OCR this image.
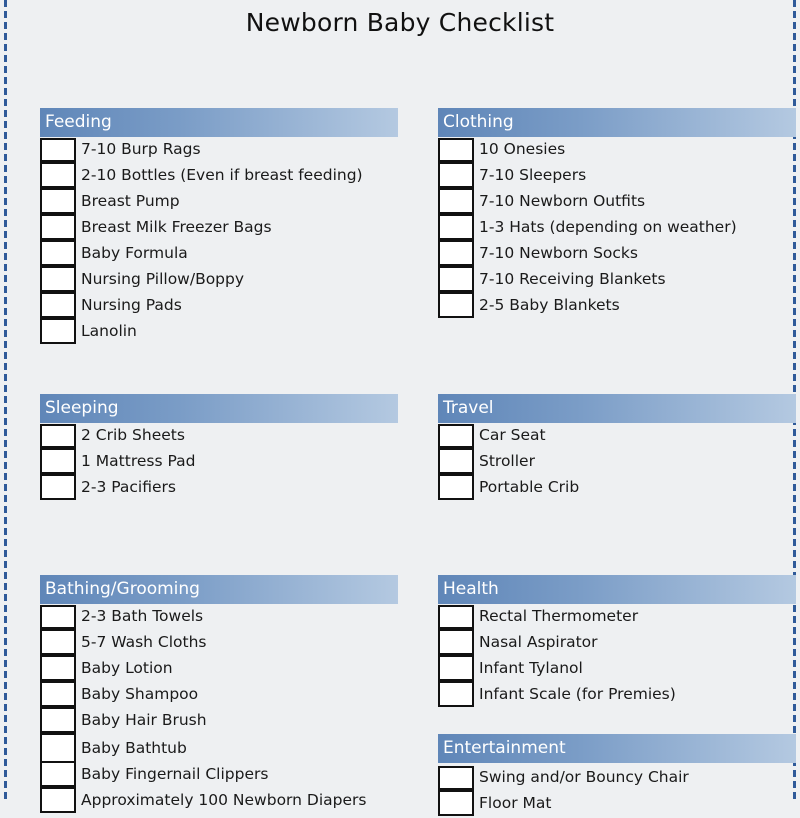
Newborn Baby Checklist
Feeding
7-10 Burp Rags
2-10 Bottles (Even if breast feeding)
Breast Pump
Breast Milk Freezer Bags
Baby Formula
Nursing Pillow/Boppy
Nursing Pads
Lanolin
Clothing
10 Onesies
7-10 Sleepers
7-10 Newborn Outfits
1-3 Hats (depending on weather)
7-10 Newborn Socks
7-10 Receiving Blankets
2-5 Baby Blankets
Sleeping
2 Crib Sheets
1 Mattress Pad
2-3 Pacifiers
Travel
Car Seat
Stroller
Portable Crib
Bathing/Grooming
2-3 Bath Towels
5-7 Wash Cloths
Baby Lotion
Baby Shampoo
Baby Hair Brush
Baby Bathtub
Baby Fingernail Clippers
Approximately 100 Newborn Diapers
Health
Rectal Thermometer
Nasal Aspirator
Infant Tylanol
Infant Scale (for Premies)
Entertainment
Swing and/or Bouncy Chair
Floor Mat
